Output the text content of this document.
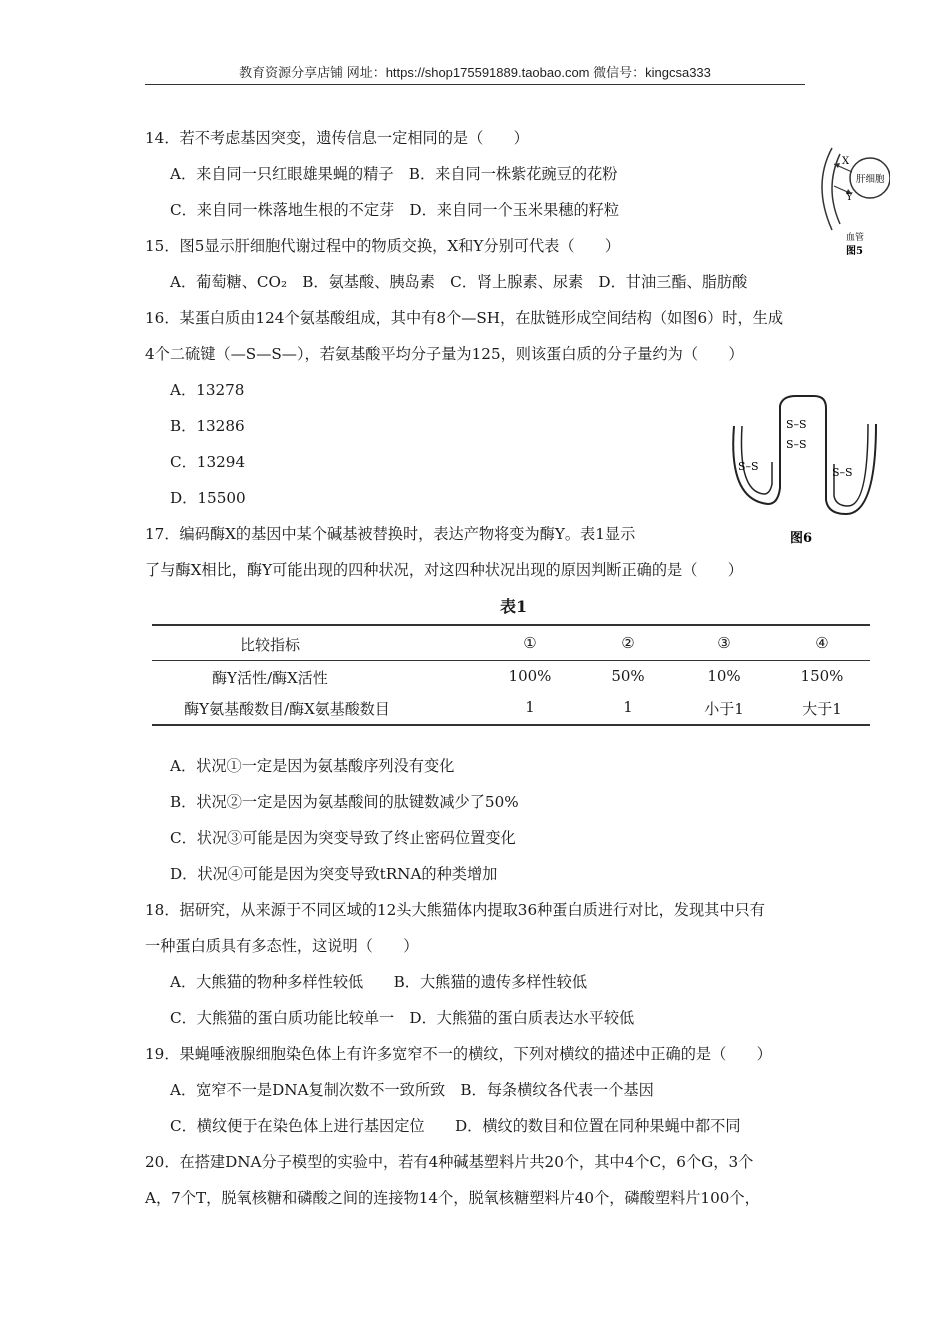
教育资源分享店铺 网址：https://shop175591889.taobao.com 微信号：kingcsa333
14．若不考虑基因突变，遗传信息一定相同的是（　　）
A．来自同一只红眼雄果蝇的精子　B．来自同一株紫花豌豆的花粉
C．来自同一株落地生根的不定芽　D．来自同一个玉米果穗的籽粒
15．图5显示肝细胞代谢过程中的物质交换，X和Y分别可代表（　　）
A．葡萄糖、CO₂　B．氨基酸、胰岛素　C．肾上腺素、尿素　D．甘油三酯、脂肪酸
X
Y
肝细胞
血管
图5
16．某蛋白质由124个氨基酸组成，其中有8个—SH，在肽链形成空间结构（如图6）时，生成
4个二硫键（—S—S—），若氨基酸平均分子量为125，则该蛋白质的分子量约为（　　）
A．13278
B．13286
C．13294
D．15500
S–S
S–S
S–S	S–S
图6
17．编码酶X的基因中某个碱基被替换时，表达产物将变为酶Y。表1显示
了与酶X相比，酶Y可能出现的四种状况，对这四种状况出现的原因判断正确的是（　　）
表1
比较指标	①	②	③	④
酶Y活性/酶X活性	100%	50%	10%	150%
酶Y氨基酸数目/酶X氨基酸数目	1	1	小于1	大于1
A．状况①一定是因为氨基酸序列没有变化
B．状况②一定是因为氨基酸间的肽键数减少了50%
C．状况③可能是因为突变导致了终止密码位置变化
D．状况④可能是因为突变导致tRNA的种类增加
18．据研究，从来源于不同区域的12头大熊猫体内提取36种蛋白质进行对比，发现其中只有
一种蛋白质具有多态性，这说明（　　）
A．大熊猫的物种多样性较低　　B．大熊猫的遗传多样性较低
C．大熊猫的蛋白质功能比较单一　D．大熊猫的蛋白质表达水平较低
19．果蝇唾液腺细胞染色体上有许多宽窄不一的横纹，下列对横纹的描述中正确的是（　　）
A．宽窄不一是DNA复制次数不一致所致　B．每条横纹各代表一个基因
C．横纹便于在染色体上进行基因定位　　D．横纹的数目和位置在同种果蝇中都不同
20．在搭建DNA分子模型的实验中，若有4种碱基塑料片共20个，其中4个C，6个G，3个
A，7个T，脱氧核糖和磷酸之间的连接物14个，脱氧核糖塑料片40个，磷酸塑料片100个，
